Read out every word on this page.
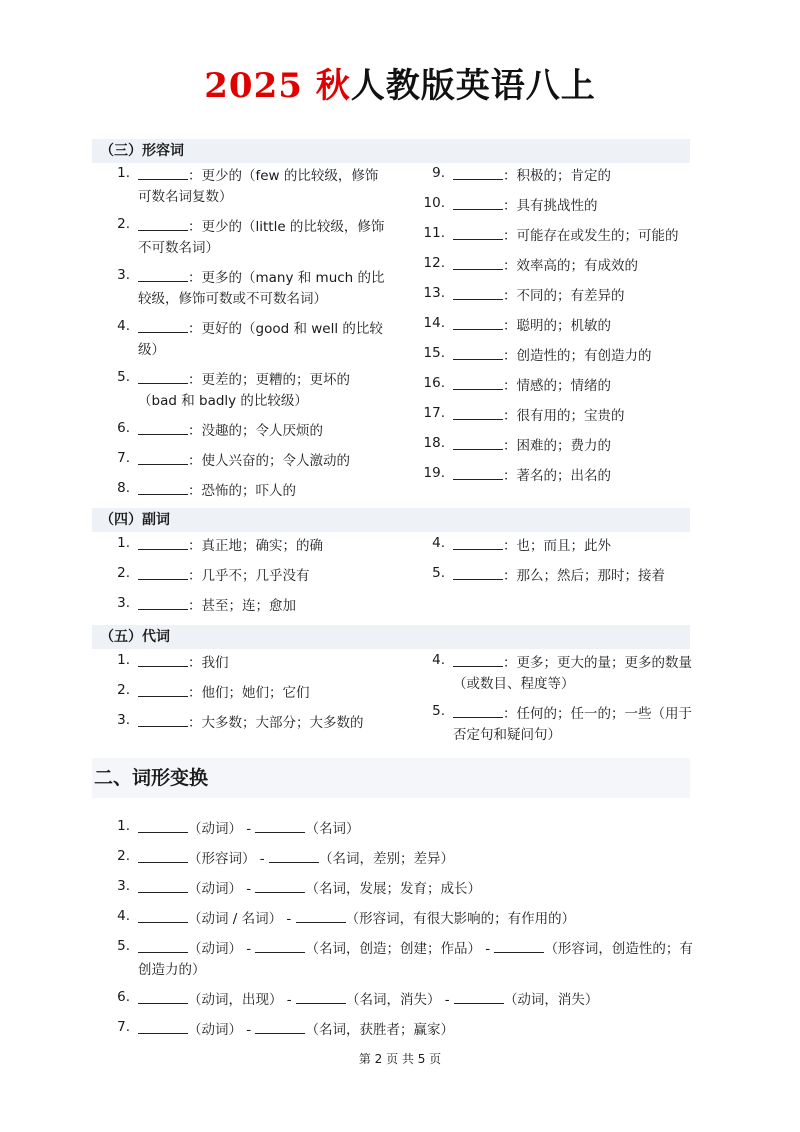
2025 秋人教版英语八上
（三）形容词
1.	：更少的（few 的比较级，修饰可数名词复数）
2.	：更少的（little 的比较级，修饰不可数名词）
3.	：更多的（many 和 much 的比较级，修饰可数或不可数名词）
4.	：更好的（good 和 well 的比较级）
5.	：更差的；更糟的；更坏的（bad 和 badly 的比较级）
6.	：没趣的；令人厌烦的
7.	：使人兴奋的；令人激动的
8.	：恐怖的；吓人的
9.	：积极的；肯定的
10.	：具有挑战性的
11.	：可能存在或发生的；可能的
12.	：效率高的；有成效的
13.	：不同的；有差异的
14.	：聪明的；机敏的
15.	：创造性的；有创造力的
16.	：情感的；情绪的
17.	：很有用的；宝贵的
18.	：困难的；费力的
19.	：著名的；出名的
（四）副词
1.	：真正地；确实；的确
2.	：几乎不；几乎没有
3.	：甚至；连；愈加
4.	：也；而且；此外
5.	：那么；然后；那时；接着
（五）代词
1.	：我们
2.	：他们；她们；它们
3.	：大多数；大部分；大多数的
4.	：更多；更大的量；更多的数量（或数目、程度等）
5.	：任何的；任一的；一些（用于否定句和疑问句）
二、词形变换
1.	（动词） -	（名词）
2.	（形容词） -	（名词，差别；差异）
3.	（动词） -	（名词，发展；发育；成长）
4.	（动词 / 名词） -	（形容词，有很大影响的；有作用的）
5.	（动词） -	（名词，创造；创建；作品） -	（形容词，创造性的；有创造力的）
6.	（动词，出现） -	（名词，消失） -	（动词，消失）
7.	（动词） -	（名词，获胜者；赢家）
第 2 页 共 5 页
